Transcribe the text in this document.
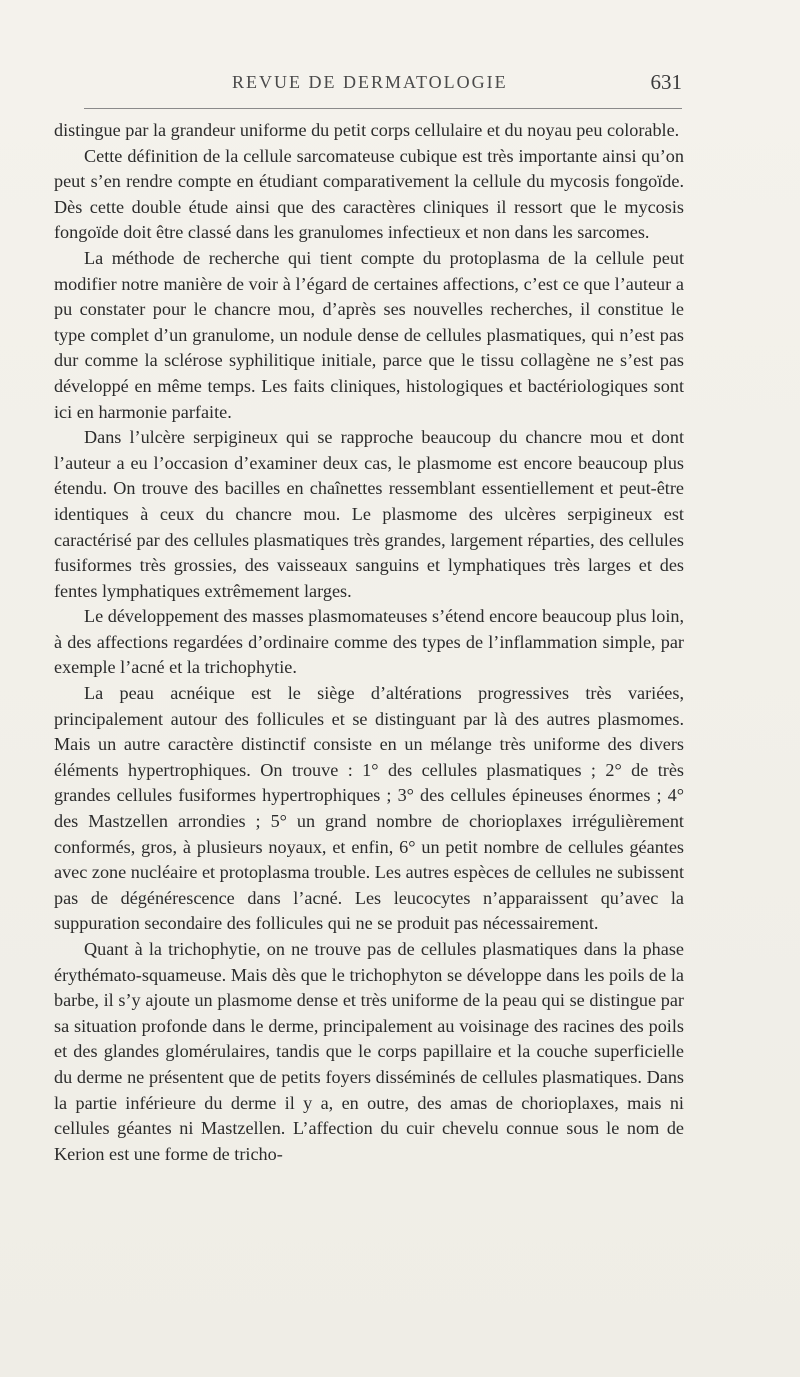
REVUE DE DERMATOLOGIE	631

distingue par la grandeur uniforme du petit corps cellulaire et du noyau peu colorable.

Cette définition de la cellule sarcomateuse cubique est très importante ainsi qu’on peut s’en rendre compte en étudiant comparativement la cellule du mycosis fongoïde. Dès cette double étude ainsi que des caractères cliniques il ressort que le mycosis fongoïde doit être classé dans les granulomes infectieux et non dans les sarcomes.

La méthode de recherche qui tient compte du protoplasma de la cellule peut modifier notre manière de voir à l’égard de certaines affections, c’est ce que l’auteur a pu constater pour le chancre mou, d’après ses nouvelles recherches, il constitue le type complet d’un granulome, un nodule dense de cellules plasmatiques, qui n’est pas dur comme la sclérose syphilitique initiale, parce que le tissu collagène ne s’est pas développé en même temps. Les faits cliniques, histologiques et bactériologiques sont ici en harmonie parfaite.

Dans l’ulcère serpigineux qui se rapproche beaucoup du chancre mou et dont l’auteur a eu l’occasion d’examiner deux cas, le plasmome est encore beaucoup plus étendu. On trouve des bacilles en chaînettes ressemblant essentiellement et peut-être identiques à ceux du chancre mou. Le plasmome des ulcères serpigineux est caractérisé par des cellules plasmatiques très grandes, largement réparties, des cellules fusiformes très grossies, des vaisseaux sanguins et lymphatiques très larges et des fentes lymphatiques extrêmement larges.

Le développement des masses plasmomateuses s’étend encore beaucoup plus loin, à des affections regardées d’ordinaire comme des types de l’inflammation simple, par exemple l’acné et la trichophytie.

La peau acnéique est le siège d’altérations progressives très variées, principalement autour des follicules et se distinguant par là des autres plasmomes. Mais un autre caractère distinctif consiste en un mélange très uniforme des divers éléments hypertrophiques. On trouve : 1° des cellules plasmatiques ; 2° de très grandes cellules fusiformes hypertrophiques ; 3° des cellules épineuses énormes ; 4° des Mastzellen arrondies ; 5° un grand nombre de chorioplaxes irrégulièrement conformés, gros, à plusieurs noyaux, et enfin, 6° un petit nombre de cellules géantes avec zone nucléaire et protoplasma trouble. Les autres espèces de cellules ne subissent pas de dégénérescence dans l’acné. Les leucocytes n’apparaissent qu’avec la suppuration secondaire des follicules qui ne se produit pas nécessairement.

Quant à la trichophytie, on ne trouve pas de cellules plasmatiques dans la phase érythémato-squameuse. Mais dès que le trichophyton se développe dans les poils de la barbe, il s’y ajoute un plasmome dense et très uniforme de la peau qui se distingue par sa situation profonde dans le derme, principalement au voisinage des racines des poils et des glandes glomérulaires, tandis que le corps papillaire et la couche superficielle du derme ne présentent que de petits foyers disséminés de cellules plasmatiques. Dans la partie inférieure du derme il y a, en outre, des amas de chorioplaxes, mais ni cellules géantes ni Mastzellen. L’affection du cuir chevelu connue sous le nom de Kerion est une forme de tricho-
